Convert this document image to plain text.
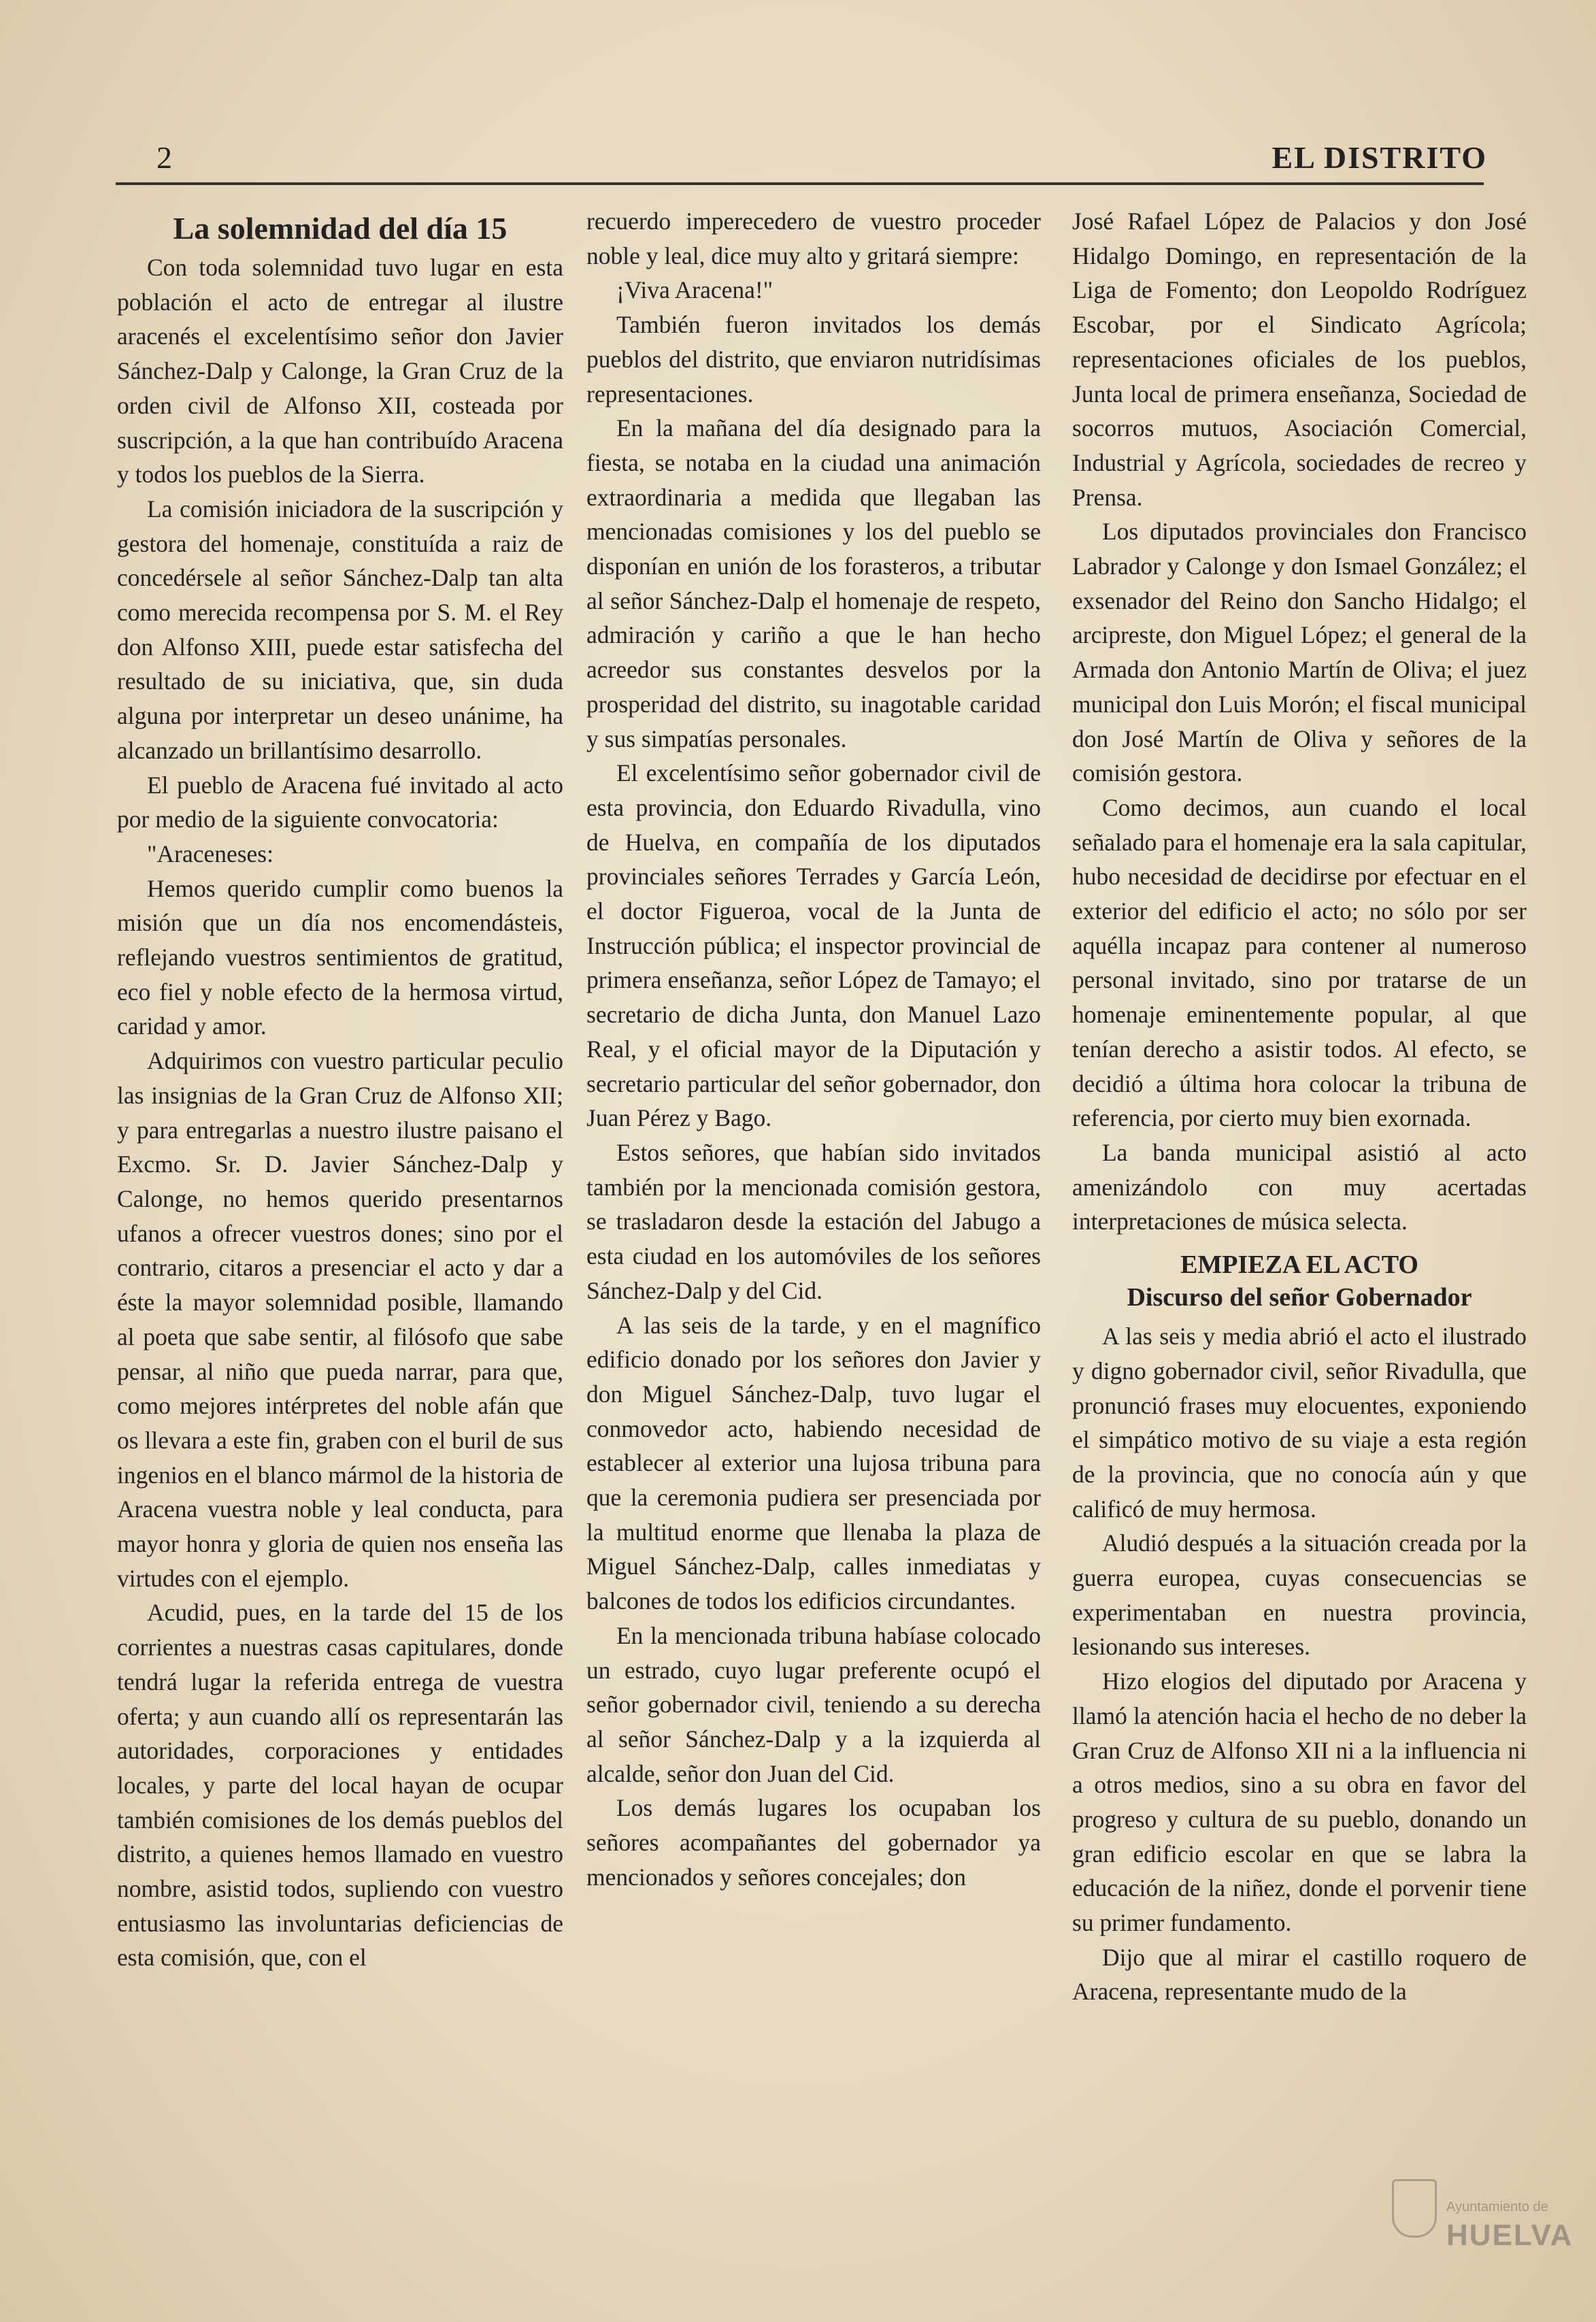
2	EL DISTRITO
La solemnidad del día 15

Con toda solemnidad tuvo lugar en esta población el acto de entregar al ilustre aracenés el excelentísimo señor don Javier Sánchez-Dalp y Calonge, la Gran Cruz de la orden civil de Alfonso XII, costeada por suscripción, a la que han contribuído Aracena y todos los pueblos de la Sierra.

La comisión iniciadora de la suscripción y gestora del homenaje, constituída a raiz de concedérsele al señor Sánchez-Dalp tan alta como merecida recompensa por S. M. el Rey don Alfonso XIII, puede estar satisfecha del resultado de su iniciativa, que, sin duda alguna por interpretar un deseo unánime, ha alcanzado un brillantísimo desarrollo.

El pueblo de Aracena fué invitado al acto por medio de la siguiente convocatoria:

"Araceneses:

Hemos querido cumplir como buenos la misión que un día nos encomendásteis, reflejando vuestros sentimientos de gratitud, eco fiel y noble efecto de la hermosa virtud, caridad y amor.

Adquirimos con vuestro particular peculio las insignias de la Gran Cruz de Alfonso XII; y para entregarlas a nuestro ilustre paisano el Excmo. Sr. D. Javier Sánchez-Dalp y Calonge, no hemos querido presentarnos ufanos a ofrecer vuestros dones; sino por el contrario, citaros a presenciar el acto y dar a éste la mayor solemnidad posible, llamando al poeta que sabe sentir, al filósofo que sabe pensar, al niño que pueda narrar, para que, como mejores intérpretes del noble afán que os llevara a este fin, graben con el buril de sus ingenios en el blanco mármol de la historia de Aracena vuestra noble y leal conducta, para mayor honra y gloria de quien nos enseña las virtudes con el ejemplo.

Acudid, pues, en la tarde del 15 de los corrientes a nuestras casas capitulares, donde tendrá lugar la referida entrega de vuestra oferta; y aun cuando allí os representarán las autoridades, corporaciones y entidades locales, y parte del local hayan de ocupar también comisiones de los demás pueblos del distrito, a quienes hemos llamado en vuestro nombre, asistid todos, supliendo con vuestro entusiasmo las involuntarias deficiencias de esta comisión, que, con el

recuerdo imperecedero de vuestro proceder noble y leal, dice muy alto y gritará siempre:

¡Viva Aracena!"

También fueron invitados los demás pueblos del distrito, que enviaron nutridísimas representaciones.

En la mañana del día designado para la fiesta, se notaba en la ciudad una animación extraordinaria a medida que llegaban las mencionadas comisiones y los del pueblo se disponían en unión de los forasteros, a tributar al señor Sánchez-Dalp el homenaje de respeto, admiración y cariño a que le han hecho acreedor sus constantes desvelos por la prosperidad del distrito, su inagotable caridad y sus simpatías personales.

El excelentísimo señor gobernador civil de esta provincia, don Eduardo Rivadulla, vino de Huelva, en compañía de los diputados provinciales señores Terrades y García León, el doctor Figueroa, vocal de la Junta de Instrucción pública; el inspector provincial de primera enseñanza, señor López de Tamayo; el secretario de dicha Junta, don Manuel Lazo Real, y el oficial mayor de la Diputación y secretario particular del señor gobernador, don Juan Pérez y Bago.

Estos señores, que habían sido invitados también por la mencionada comisión gestora, se trasladaron desde la estación del Jabugo a esta ciudad en los automóviles de los señores Sánchez-Dalp y del Cid.

A las seis de la tarde, y en el magnífico edificio donado por los señores don Javier y don Miguel Sánchez-Dalp, tuvo lugar el conmovedor acto, habiendo necesidad de establecer al exterior una lujosa tribuna para que la ceremonia pudiera ser presenciada por la multitud enorme que llenaba la plaza de Miguel Sánchez-Dalp, calles inmediatas y balcones de todos los edificios circundantes.

En la mencionada tribuna habíase colocado un estrado, cuyo lugar preferente ocupó el señor gobernador civil, teniendo a su derecha al señor Sánchez-Dalp y a la izquierda al alcalde, señor don Juan del Cid.

Los demás lugares los ocupaban los señores acompañantes del gobernador ya mencionados y señores concejales; don

José Rafael López de Palacios y don José Hidalgo Domingo, en representación de la Liga de Fomento; don Leopoldo Rodríguez Escobar, por el Sindicato Agrícola; representaciones oficiales de los pueblos, Junta local de primera enseñanza, Sociedad de socorros mutuos, Asociación Comercial, Industrial y Agrícola, sociedades de recreo y Prensa.

Los diputados provinciales don Francisco Labrador y Calonge y don Ismael González; el exsenador del Reino don Sancho Hidalgo; el arcipreste, don Miguel López; el general de la Armada don Antonio Martín de Oliva; el juez municipal don Luis Morón; el fiscal municipal don José Martín de Oliva y señores de la comisión gestora.

Como decimos, aun cuando el local señalado para el homenaje era la sala capitular, hubo necesidad de decidirse por efectuar en el exterior del edificio el acto; no sólo por ser aquélla incapaz para contener al numeroso personal invitado, sino por tratarse de un homenaje eminentemente popular, al que tenían derecho a asistir todos. Al efecto, se decidió a última hora colocar la tribuna de referencia, por cierto muy bien exornada.

La banda municipal asistió al acto amenizándolo con muy acertadas interpretaciones de música selecta.

EMPIEZA EL ACTO
Discurso del señor Gobernador

A las seis y media abrió el acto el ilustrado y digno gobernador civil, señor Rivadulla, que pronunció frases muy elocuentes, exponiendo el simpático motivo de su viaje a esta región de la provincia, que no conocía aún y que calificó de muy hermosa.

Aludió después a la situación creada por la guerra europea, cuyas consecuencias se experimentaban en nuestra provincia, lesionando sus intereses.

Hizo elogios del diputado por Aracena y llamó la atención hacia el hecho de no deber la Gran Cruz de Alfonso XII ni a la influencia ni a otros medios, sino a su obra en favor del progreso y cultura de su pueblo, donando un gran edificio escolar en que se labra la educación de la niñez, donde el porvenir tiene su primer fundamento.

Dijo que al mirar el castillo roquero de Aracena, representante mudo de la

Ayuntamiento de
HUELVA
